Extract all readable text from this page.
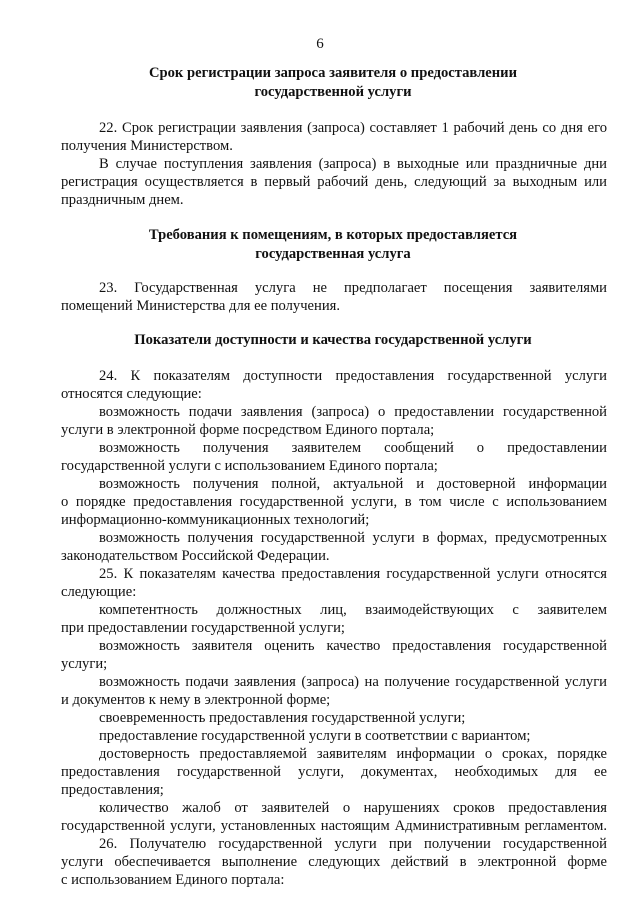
6
Срок регистрации запроса заявителя о предоставлении
государственной услуги
22. Срок регистрации заявления (запроса) составляет 1 рабочий день со дня его
получения Министерством.
В случае поступления заявления (запроса) в выходные или праздничные дни
регистрация осуществляется в первый рабочий день, следующий за выходным или
праздничным днем.
Требования к помещениям, в которых предоставляется
государственная услуга
23. Государственная услуга не предполагает посещения заявителями
помещений Министерства для ее получения.
Показатели доступности и качества государственной услуги
24. К показателям доступности предоставления государственной услуги
относятся следующие:
возможность подачи заявления (запроса) о предоставлении государственной
услуги в электронной форме посредством Единого портала;
возможность получения заявителем сообщений о предоставлении
государственной услуги с использованием Единого портала;
возможность получения полной, актуальной и достоверной информации
о порядке предоставления государственной услуги, в том числе с использованием
информационно-коммуникационных технологий;
возможность получения государственной услуги в формах, предусмотренных
законодательством Российской Федерации.
25. К показателям качества предоставления государственной услуги относятся
следующие:
компетентность должностных лиц, взаимодействующих с заявителем
при предоставлении государственной услуги;
возможность заявителя оценить качество предоставления государственной
услуги;
возможность подачи заявления (запроса) на получение государственной услуги
и документов к нему в электронной форме;
своевременность предоставления государственной услуги;
предоставление государственной услуги в соответствии с вариантом;
достоверность предоставляемой заявителям информации о сроках, порядке
предоставления государственной услуги, документах, необходимых для ее
предоставления;
количество жалоб от заявителей о нарушениях сроков предоставления
государственной услуги, установленных настоящим Административным регламентом.
26. Получателю государственной услуги при получении государственной
услуги обеспечивается выполнение следующих действий в электронной форме
с использованием Единого портала:
